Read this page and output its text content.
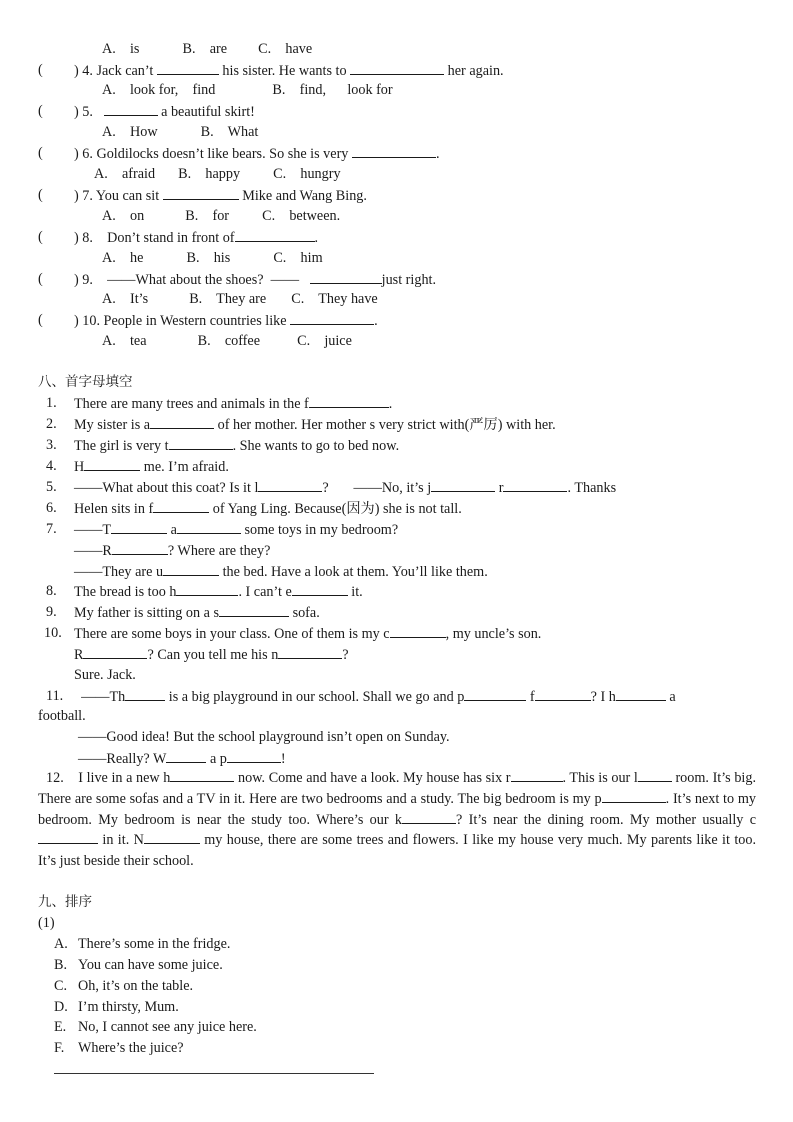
A. is	B. are C. have
( ) 4. Jack can’t	his sister. He wants to	her again.
A. look for, find	B. find, look for
( ) 5.	a beautiful skirt!
A. How	B. What
( ) 6. Goldilocks doesn’t like bears. So she is very	.
A. afraid B. happy C. hungry
( ) 7. You can sit	Mike and Wang Bing.
A. on	B. for C. between.
( ) 8. Don’t stand in front of	.
A. he	B. his	C. him
( ) 9. ——What about the shoes? ——	just right.
A. It’s	B. They are C. They have
( ) 10. People in Western countries like	.
A. tea	B. coffee	C. juice
八、首字母填空
1. There are many trees and animals in the f	.
2. My sister is a	of her mother. Her mother s very strict with(严厉) with her.
3. The girl is very t	. She wants to go to bed now.
4. H	me. I’m afraid.
5. ——What about this coat? Is it l	? ——No, it’s j	r	. Thanks
6. Helen sits in f	of Yang Ling. Because(因为) she is not tall.
7. ——T	a	some toys in my bedroom?
——R	? Where are they?
——They are u	the bed. Have a look at them. You’ll like them.
8. The bread is too h	. I can’t e	it.
9. My father is sitting on a s	sofa.
10. There are some boys in your class. One of them is my c	, my uncle’s son.
R	? Can you tell me his n	?
Sure. Jack.
11.	——Th	is a big playground in our school. Shall we go and p	f	? I h	a
football.
——Good idea! But the school playground isn’t open on Sunday.
——Really? W	a p	!
12. I live in a new h	now. Come and have a look. My house has six r	. This is our l	room. It’s big. There are some sofas and a TV in it. Here are two bedrooms and a study. The big bedroom is my p	. It’s next to my bedroom. My bedroom is near the study too. Where’s our k	? It’s near the dining room. My mother usually c in it. N	my house, there are some trees and flowers. I like my house very much. My parents like it too. It’s just beside their school.
九、排序
(1)
A. There’s some in the fridge.
B. You can have some juice.
C. Oh, it’s on the table.
D. I’m thirsty, Mum.
E. No, I cannot see any juice here.
F. Where’s the juice?
